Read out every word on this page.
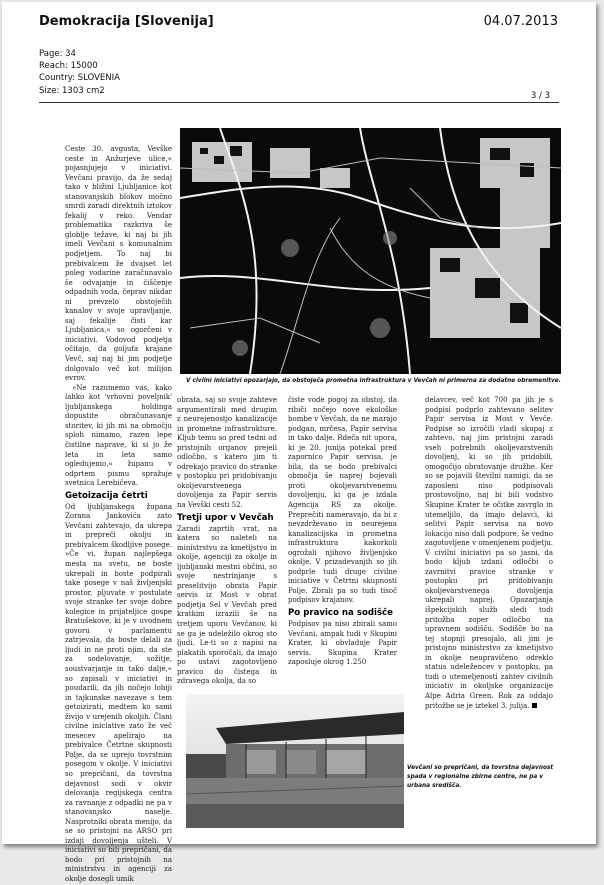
Demokracija [Slovenija]	04.07.2013
Page: 34
Reach: 15000
Country: SLOVENIA
Size: 1303 cm2	3 / 3
V civilni iniciativi opozarjajo, da obstoječa prometna infrastruktura v Vevčah ni primerna za dodatne obremenitve.

Ceste 30. avgusta, Vevške ceste in Anžurjeve ulice,« pojasnjujejo v iniciativi. Vevčani pravijo, da že sedaj tako v bližini Ljubljanice kot stanovanjskih blokov močno smrdi zaradi direktnih iztokov fekalij v reko. Vendar problematika razkriva še globlje težave, ki naj bi jih imeli Vevčani s komunalnim podjetjem. To naj bi prebivalcem že dvajset let poleg vodarine zaračunavalo še odvajanje in čiščenje odpadnih voda, čeprav nikdar ni prevzelo obstoječih kanalov v svoje upravljanje, saj fekalije čisti kar Ljubljanica,« so ogorčeni v iniciativi. Vodovod podjetja očitajo, da goljufa krajane Vevč, saj naj bi jim podjetje dolgovalo več kot milijon evrov.

»Ne razumemo vas, kako lahko kot 'vrhovni poveljnik' ljubljanskega holdinga dopustite obračunavanje storitev, ki jih mi na območju sploh nimamo, razen lepe čistilne naprave, ki si jo že leta in leta samo ogledujemo,« županu v odprtem pismu spražuje svetnica Lerebičeva.

Getoizacija četrti

Od ljubljanskega župana Zorana Jankovića zato Vevčani zahtevajo, da ukrepa in prepreči okolju in prebivalcem škodljive posege. »Če vi, župan najlepšega mesta na svetu, ne boste ukrepali in boste podpirali take posege v naš življenjski prostor, pljuvate v postulate svoje stranke ter svoje dobre kolegice in prijateljice gospe Bratušekove, ki je v uvodnem govoru v parlamentu zatrjevala, da boste delali za ljudi in ne proti njim, da ste za sodelovanje, sožitje, soustvarjanje in tako dalje,« so zapisali v iniciativi in poudarili, da jih nočejo lobiji in tajkunske navezave s tem getoizirati, medtem ko sami živijo v urejenih okoljih. Člani civilne iniciative zato že več mesecev apelirajo na prebivalce Četrtne skupnosti Polje, da se uprejo tovrstnim posegom v okolje. V iniciativi so prepričani, da tovrstna dejavnost sodi v okvir delovanja regijskega centra za ravnanje z odpadki ne pa v stanovanjsko naselje. Nasprotniki obrata menijo, da se so pristojni na ARSO pri izdaji dovoljenja ušteli. V iniciativi so bili prepričani, da bodo pri pristojnih na ministrstvu in agenciji za okolje dosegli umik

obrata, saj so svoje zahteve argumentirali med drugim z neurejenostjo kanalizacije in prometne infrastrukture. Kljub temu so pred tedni od pristojnih organov prejeli odločbo, s katero jim ti odrekajo pravico do stranke v postopku pri pridobivanju okoljevarstvenega dovoljenja za Papir servis na Vevški cesti 52.

Tretji upor v Vevčah

Zaradi zaprtih vrat, na katera so naleteli na ministrstvu za kmetijstvo in okolje, agenciji za okolje in ljubljanski mestni občini, so svoje nestrinjanje s preselitvijo obrata Papir servis iz Most v obrat podjetja Sel v Vevčah pred kratkim izrazili še na tretjem uporu Vevčanov, ki se ga je udeležilo okrog sto ljudi. Le-ti so z napisi na plakatih sporočali, da imajo po ustavi zagotovljeno pravico do čistega in zdravega okolja, da so

čiste vode pogoj za obstoj, da ribiči nočejo nove ekološke bombe v Vevčah, da ne marajo podgan, mrčesa, Papir servisa in tako dalje. Rdeča nit upora, ki je 20. junija potekal pred zapornico Papir servisa, je bila, da se bodo prebivalci območja še naprej bojevali proti okoljevarstvenemu dovoljenju, ki ga je izdala Agencija RS za okolje. Preprečiti nameravajo, da bi z nevzdrževano in neurejena kanalizacijska in prometna infrastruktura kakorkoli ogrožali njihovo življenjsko okolje. V prizadevanjih so jih podprle tudi druge civilne iniciative v Četrtni skupnosti Polje. Zbrali pa so tudi tisoč podpisov krajanov.

Po pravico na sodišče

Podpisov pa niso zbirali samo Vevčani, ampak tudi v Skupini Krater, ki obvladuje Papir servis. Skupina Krater zaposluje okrog 1.250

delavcev, več kot 700 pa jih je s podpisi podprlo zahtevano selitev Papir servisa iz Most v Vevče. Podpise so izročili vladi skupaj z zahtevo, naj jim pristojni zaradi vseh potrebnih okoljevarstvenih dovoljenj, ki so jih pridobili, omogočijo obratovanje družbe. Ker so se pojavili številni namigi, da se zaposleni niso podpisovali prostovoljno, naj bi bili vodstvo Skupine Krater te očitke zavrglo in utemeljilo, da imajo delavci, ki selitvi Papir servisa na novo lokacijo niso dali podpore, še vedno zagotovljene v omenjenem podjetju. V civilni iniciativi pa so jasni, da bodo kljub izdani odločbi o zavrnitvi pravice stranke v postopku pri pridobivanju okoljevarstvenega dovoljenja ukrepali naprej. Opozarjanja išpekcijskih služb sledi tudi pritožba zoper odločbo na upravnem sodišču. Sodišče bo na tej stopnji presojalo, ali jim je pristojno ministrstvo za kmetijstvo in okolje neupravičeno odreklo status udeležencev v postopku, pa tudi o utemeljenosti zahtev civilnih iniciativ in okoljske organizacije Alpe Adria Green. Rok za oddajo pritožbe se je iztekel 3. julija.

Vevčani so prepričani, da tovrstna dejavnost spada v regionalne zbirne centre, ne pa v urbana središča.
